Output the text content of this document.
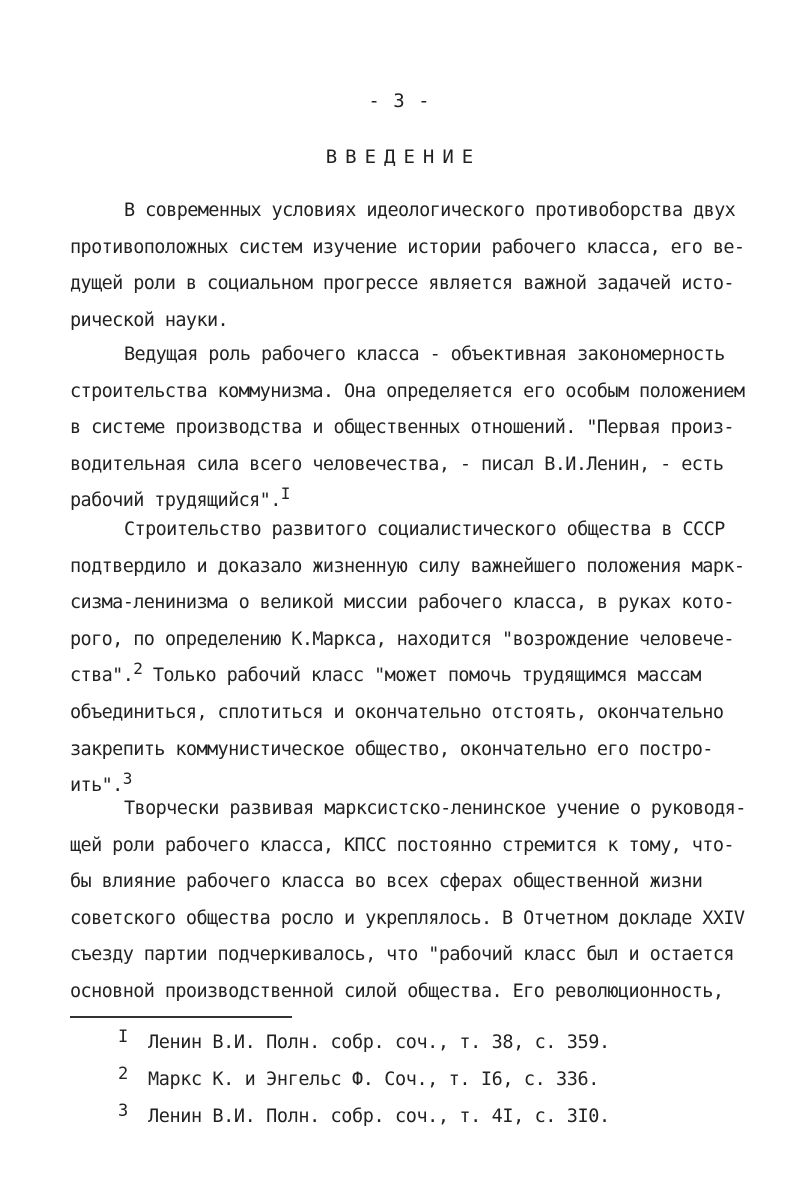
- 3 -
ВВЕДЕНИЕ
В современных условиях идеологического противоборства двух
противоположных систем изучение истории рабочего класса, его ве-
дущей роли в социальном прогрессе является важной задачей исто-
рической науки.
Ведущая роль рабочего класса - объективная закономерность
строительства коммунизма. Она определяется его особым положением
в системе производства и общественных отношений. "Первая произ-
водительная сила всего человечества, - писал В.И.Ленин, - есть
рабочий трудящийся".$^I$
Строительство развитого социалистического общества в СССР
подтвердило и доказало жизненную силу важнейшего положения марк-
сизма-ленинизма о великой миссии рабочего класса, в руках кото-
рого, по определению К.Маркса, находится "возрождение человече-
ства".$^2$ Только рабочий класс "может помочь трудящимся массам
объединиться, сплотиться и окончательно отстоять, окончательно
закрепить коммунистическое общество, окончательно его постро-
ить".$^3$
Творчески развивая марксистско-ленинское учение о руководя-
щей роли рабочего класса, КПСС постоянно стремится к тому, что-
бы влияние рабочего класса во всех сферах общественной жизни
советского общества росло и укреплялось. В Отчетном докладе XXIV
съезду партии подчеркивалось, что "рабочий класс был и остается
основной производственной силой общества. Его революционность,
I Ленин В.И. Полн. собр. соч., т. 38, с. 359.
2 Маркс К. и Энгельс Ф. Соч., т. I6, с. 336.
3 Ленин В.И. Полн. собр. соч., т. 4I, с. 3I0.
